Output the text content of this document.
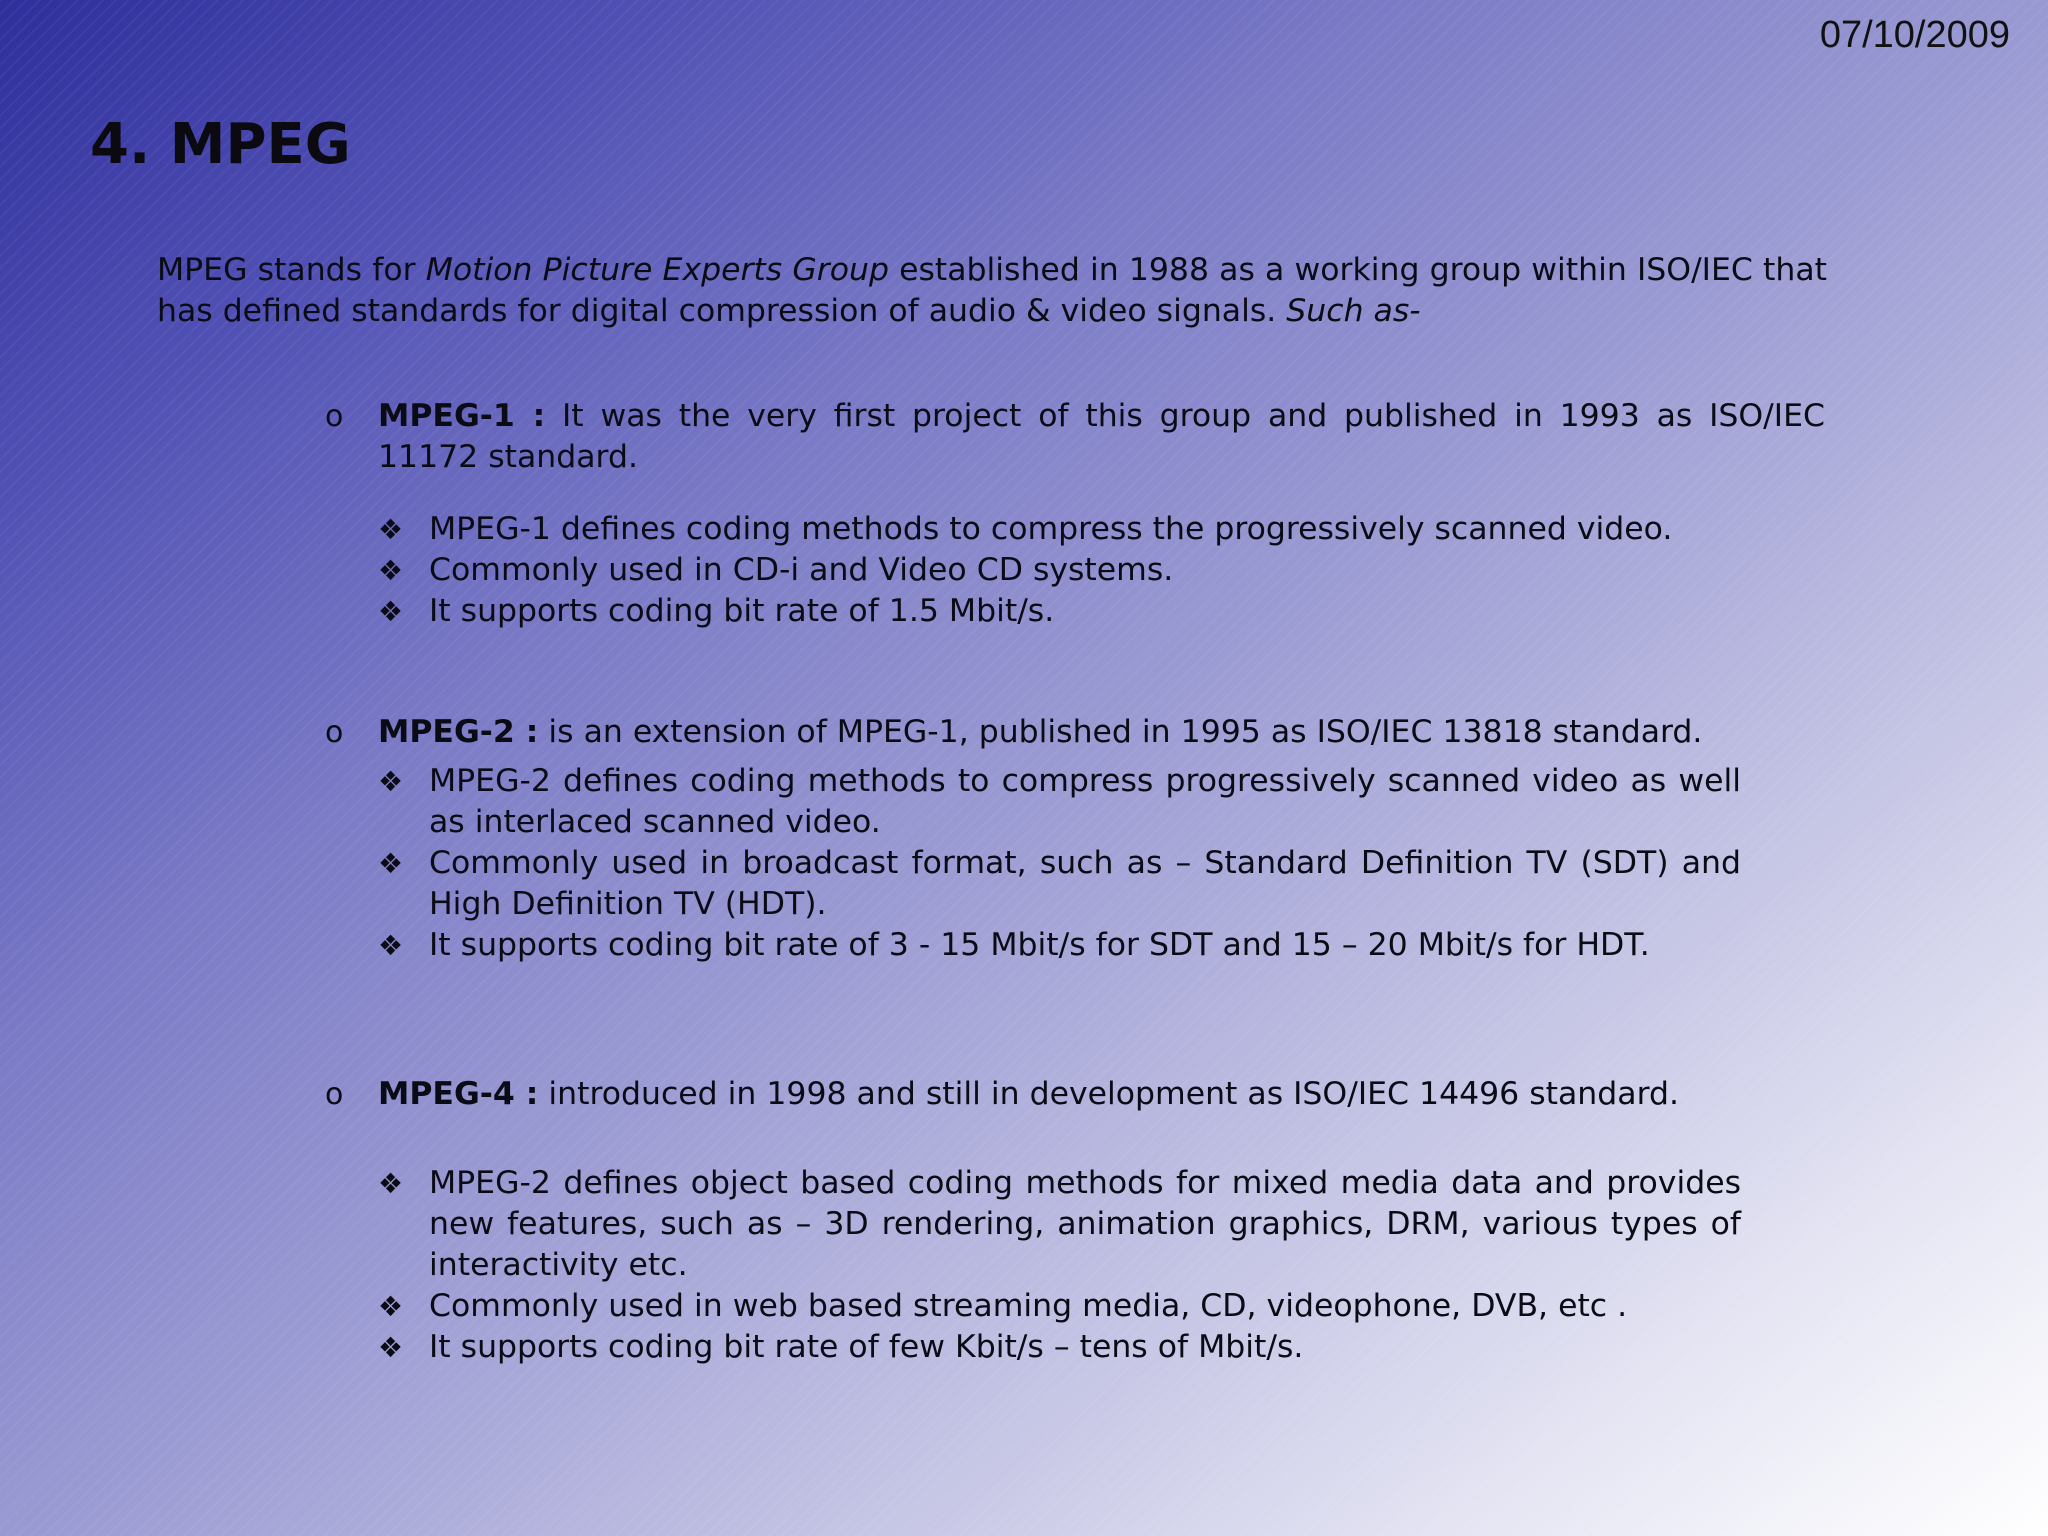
07/10/2009
4. MPEG

MPEG stands for Motion Picture Experts Group established in 1988 as a working group within ISO/IEC that has defined standards for digital compression of audio & video signals. Such as-

o MPEG-1 : It was the very first project of this group and published in 1993 as ISO/IEC 11172 standard.
❖ MPEG-1 defines coding methods to compress the progressively scanned video.
❖ Commonly used in CD-i and Video CD systems.
❖ It supports coding bit rate of 1.5 Mbit/s.
o MPEG-2 : is an extension of MPEG-1, published in 1995 as ISO/IEC 13818 standard.
❖ MPEG-2 defines coding methods to compress progressively scanned video as well as interlaced scanned video.
❖ Commonly used in broadcast format, such as – Standard Definition TV (SDT) and High Definition TV (HDT).
❖ It supports coding bit rate of 3 - 15 Mbit/s for SDT and 15 – 20 Mbit/s for HDT.
o MPEG-4 : introduced in 1998 and still in development as ISO/IEC 14496 standard.
❖ MPEG-2 defines object based coding methods for mixed media data and provides new features, such as – 3D rendering, animation graphics, DRM, various types of interactivity etc.
❖ Commonly used in web based streaming media, CD, videophone, DVB, etc .
❖ It supports coding bit rate of few Kbit/s – tens of Mbit/s.
